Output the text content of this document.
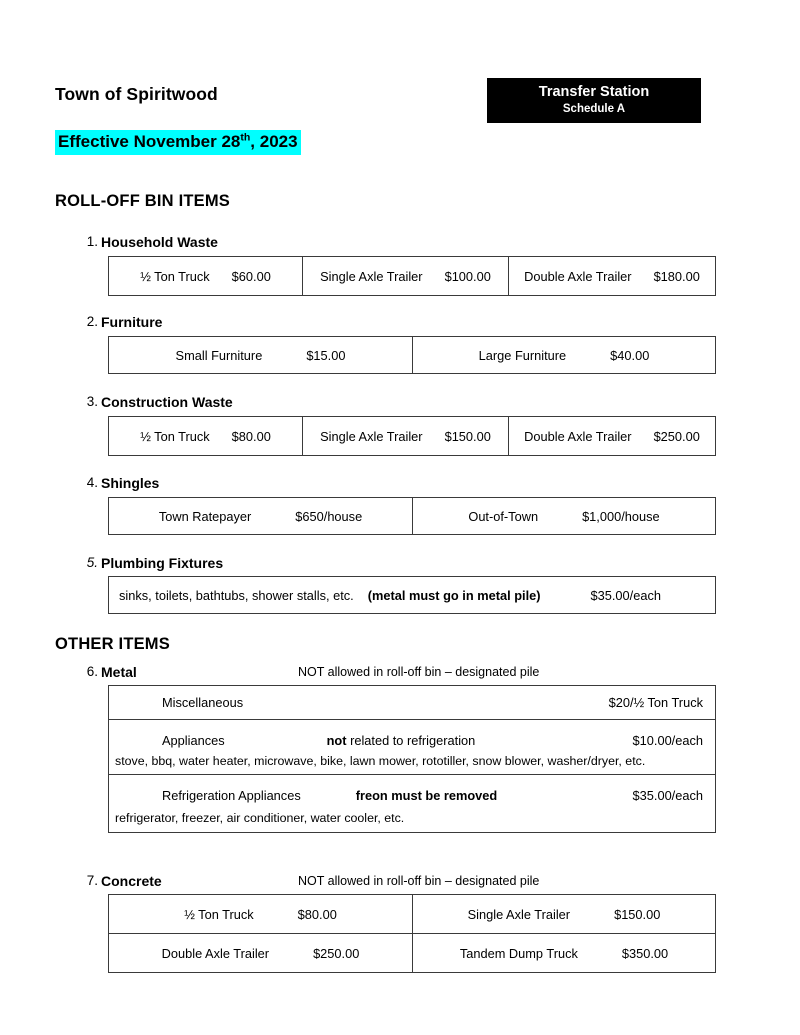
Town of Spiritwood
Effective November 28th, 2023
Transfer Station
Schedule A
ROLL-OFF BIN ITEMS
1. Household Waste
½ Ton Truck $60.00	Single Axle Trailer $100.00	Double Axle Trailer $180.00
2. Furniture
Small Furniture	$15.00	Large Furniture	$40.00
3. Construction Waste
½ Ton Truck $80.00	Single Axle Trailer $150.00	Double Axle Trailer $250.00
4. Shingles
Town Ratepayer	$650/house	Out-of-Town	$1,000/house
5. Plumbing Fixtures
sinks, toilets, bathtubs, shower stalls, etc. (metal must go in metal pile)	$35.00/each
OTHER ITEMS
6. Metal	NOT allowed in roll-off bin – designated pile
Miscellaneous	$20/½ Ton Truck

Appliances	not related to refrigeration	$10.00/each
stove, bbq, water heater, microwave, bike, lawn mower, rototiller, snow blower, washer/dryer, etc.

Refrigeration Appliances	freon must be removed	$35.00/each
refrigerator, freezer, air conditioner, water cooler, etc.
7. Concrete	NOT allowed in roll-off bin – designated pile
½ Ton Truck $80.00	Single Axle Trailer $150.00

Double Axle Trailer $250.00	Tandem Dump Truck $350.00
